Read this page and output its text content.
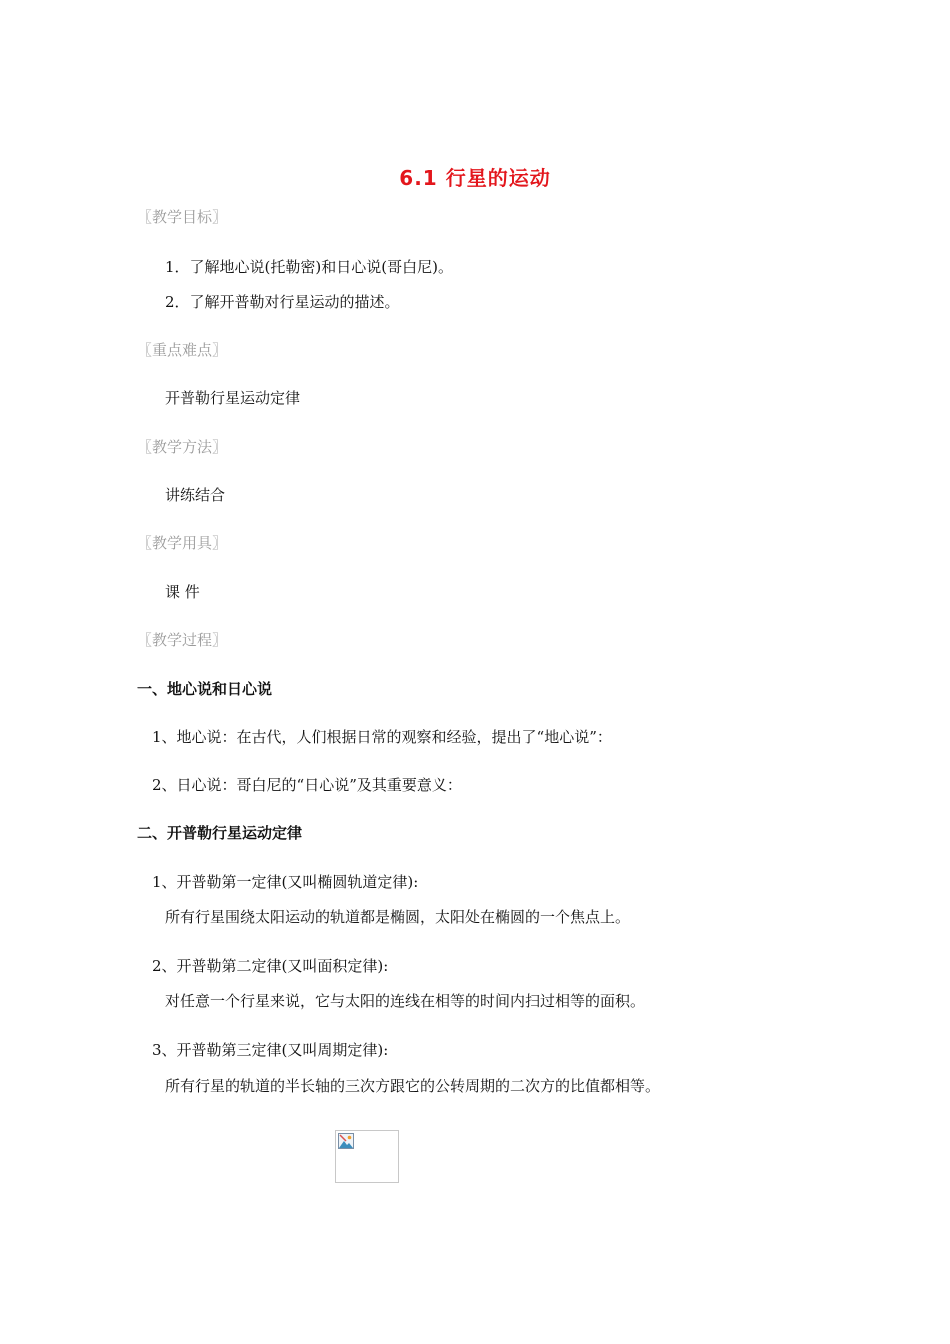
6.1 行星的运动
〖教学目标〗
1．了解地心说(托勒密)和日心说(哥白尼)。
2．了解开普勒对行星运动的描述。
〖重点难点〗
开普勒行星运动定律
〖教学方法〗
讲练结合
〖教学用具〗
课 件
〖教学过程〗
一、地心说和日心说
1、地心说：在古代，人们根据日常的观察和经验，提出了“地心说”：
2、日心说：哥白尼的“日心说”及其重要意义：
二、开普勒行星运动定律
1、开普勒第一定律(又叫椭圆轨道定律):
所有行星围绕太阳运动的轨道都是椭圆，太阳处在椭圆的一个焦点上。
2、开普勒第二定律(又叫面积定律):
对任意一个行星来说，它与太阳的连线在相等的时间内扫过相等的面积。
3、开普勒第三定律(又叫周期定律):
所有行星的轨道的半长轴的三次方跟它的公转周期的二次方的比值都相等。
